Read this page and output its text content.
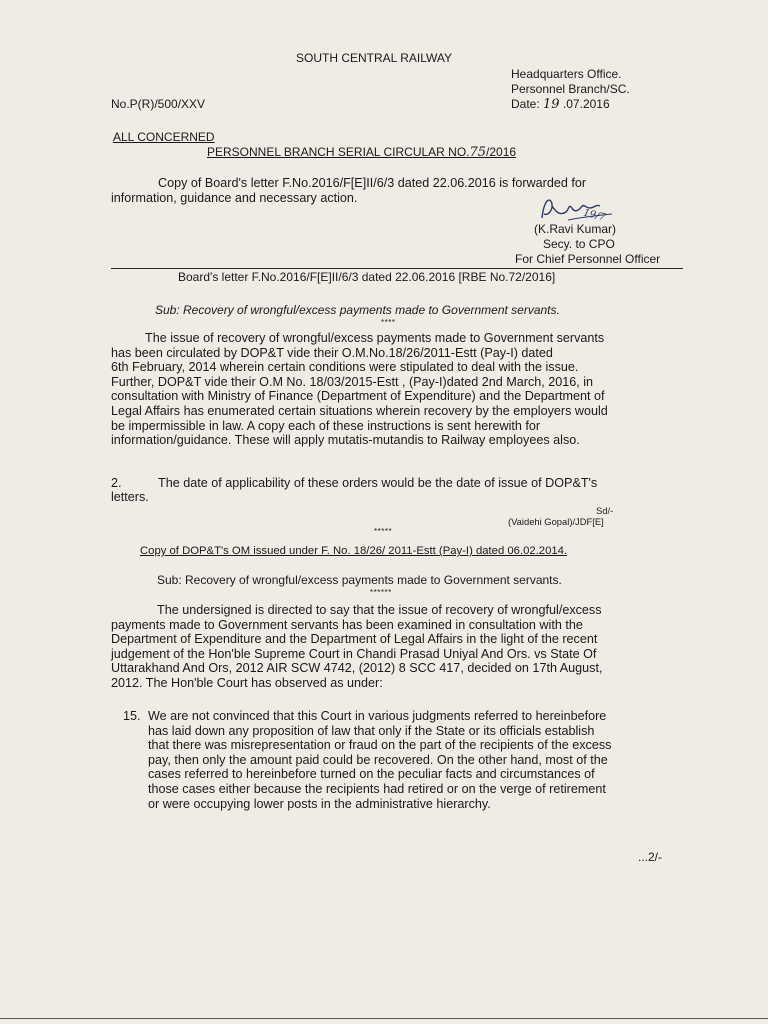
SOUTH CENTRAL RAILWAY
Headquarters Office.
Personnel Branch/SC.
Date: 19 .07.2016
No.P(R)/500/XXV
ALL CONCERNED
PERSONNEL BRANCH SERIAL CIRCULAR NO.75/2016
Copy of Board's letter F.No.2016/F[E]II/6/3 dated 22.06.2016 is forwarded for
information, guidance and necessary action.
19/7
(K.Ravi Kumar)
Secy. to CPO
For Chief Personnel Officer
Board's letter F.No.2016/F[E]II/6/3 dated 22.06.2016 [RBE No.72/2016]
Sub: Recovery of wrongful/excess payments made to Government servants.
****
The issue of recovery of wrongful/excess payments made to Government servants
has been circulated by DOP&T vide their O.M.No.18/26/2011-Estt (Pay-I) dated
6th February, 2014 wherein certain conditions were stipulated to deal with the issue.
Further, DOP&T vide their O.M No. 18/03/2015-Estt , (Pay-I)dated 2nd March, 2016, in
consultation with Ministry of Finance (Department of Expenditure) and the Department of
Legal Affairs has enumerated certain situations wherein recovery by the employers would
be impermissible in law. A copy each of these instructions is sent herewith for
information/guidance. These will apply mutatis-mutandis to Railway employees also.
2.	The date of applicability of these orders would be the date of issue of DOP&T's
letters.
Sd/-
(Vaidehi Gopal)/JDF[E]
*****
Copy of DOP&T's OM issued under F. No. 18/26/ 2011-Estt (Pay-I) dated 06.02.2014.
Sub: Recovery of wrongful/excess payments made to Government servants.
******
The undersigned is directed to say that the issue of recovery of wrongful/excess
payments made to Government servants has been examined in consultation with the
Department of Expenditure and the Department of Legal Affairs in the light of the recent
judgement of the Hon'ble Supreme Court in Chandi Prasad Uniyal And Ors. vs State Of
Uttarakhand And Ors, 2012 AIR SCW 4742, (2012) 8 SCC 417, decided on 17th August,
2012. The Hon'ble Court has observed as under:
15. We are not convinced that this Court in various judgments referred to hereinbefore
has laid down any proposition of law that only if the State or its officials establish
that there was misrepresentation or fraud on the part of the recipients of the excess
pay, then only the amount paid could be recovered. On the other hand, most of the
cases referred to hereinbefore turned on the peculiar facts and circumstances of
those cases either because the recipients had retired or on the verge of retirement
or were occupying lower posts in the administrative hierarchy.
...2/-
